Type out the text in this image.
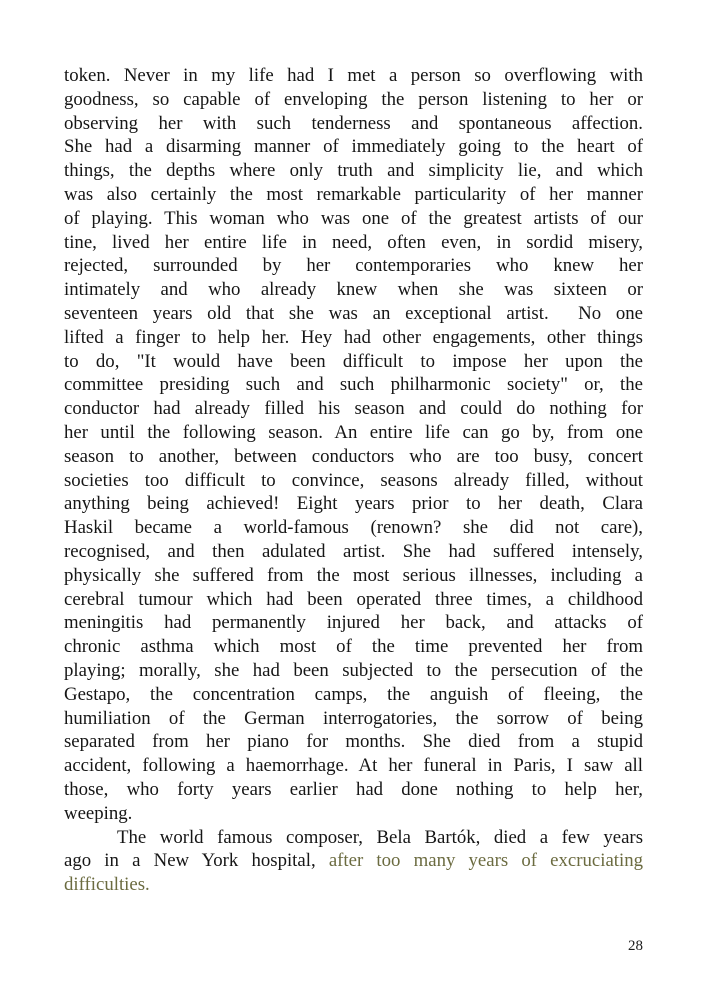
token. Never in my life had I met a person so overflowing with
goodness, so capable of enveloping the person listening to her or
observing her with such tenderness and spontaneous affection.
She had a disarming manner of immediately going to the heart of
things, the depths where only truth and simplicity lie, and which
was also certainly the most remarkable particularity of her manner
of playing. This woman who was one of the greatest artists of our
tine, lived her entire life in need, often even, in sordid misery,
rejected, surrounded by her contemporaries who knew her
intimately and who already knew when she was sixteen or
seventeen years old that she was an exceptional artist.  No one
lifted a finger to help her. Hey had other engagements, other things
to do, "It would have been difficult to impose her upon the
committee presiding such and such philharmonic society" or, the
conductor had already filled his season and could do nothing for
her until the following season. An entire life can go by, from one
season to another, between conductors who are too busy, concert
societies too difficult to convince, seasons already filled, without
anything being achieved! Eight years prior to her death, Clara
Haskil became a world-famous (renown? she did not care),
recognised, and then adulated artist. She had suffered intensely,
physically she suffered from the most serious illnesses, including a
cerebral tumour which had been operated three times, a childhood
meningitis had permanently injured her back, and attacks of
chronic asthma which most of the time prevented her from
playing; morally, she had been subjected to the persecution of the
Gestapo, the concentration camps, the anguish of fleeing, the
humiliation of the German interrogatories, the sorrow of being
separated from her piano for months. She died from a stupid
accident, following a haemorrhage. At her funeral in Paris, I saw all
those, who forty years earlier had done nothing to help her,
weeping.
The world famous composer, Bela Bartók, died a few years
ago in a New York hospital, after too many years of excruciating
difficulties.
28
